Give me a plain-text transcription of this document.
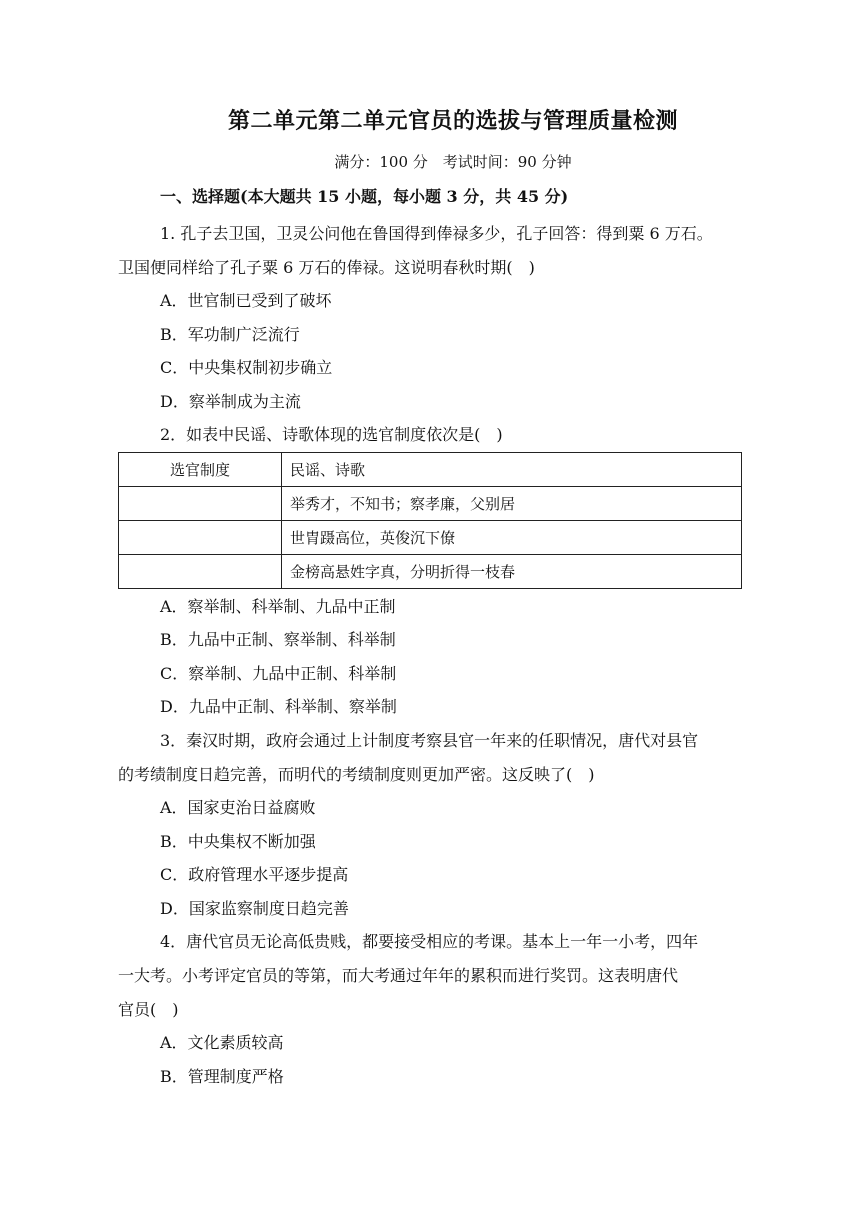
第二单元第二单元官员的选拔与管理质量检测
满分：100 分　考试时间：90 分钟
一、选择题(本大题共 15 小题，每小题 3 分，共 45 分)
1. 孔子去卫国，卫灵公问他在鲁国得到俸禄多少，孔子回答：得到粟 6 万石。
卫国便同样给了孔子粟 6 万石的俸禄。这说明春秋时期(　)
A．世官制已受到了破坏
B．军功制广泛流行
C．中央集权制初步确立
D．察举制成为主流
2．如表中民谣、诗歌体现的选官制度依次是(　)
选官制度	民谣、诗歌
	举秀才，不知书；察孝廉，父别居
	世胄蹑高位，英俊沉下僚
	金榜高悬姓字真，分明折得一枝春
A．察举制、科举制、九品中正制
B．九品中正制、察举制、科举制
C．察举制、九品中正制、科举制
D．九品中正制、科举制、察举制
3．秦汉时期，政府会通过上计制度考察县官一年来的任职情况，唐代对县官
的考绩制度日趋完善，而明代的考绩制度则更加严密。这反映了(　)
A．国家吏治日益腐败
B．中央集权不断加强
C．政府管理水平逐步提高
D．国家监察制度日趋完善
4．唐代官员无论高低贵贱，都要接受相应的考课。基本上一年一小考，四年
一大考。小考评定官员的等第，而大考通过年年的累积而进行奖罚。这表明唐代
官员(　)
A．文化素质较高
B．管理制度严格
